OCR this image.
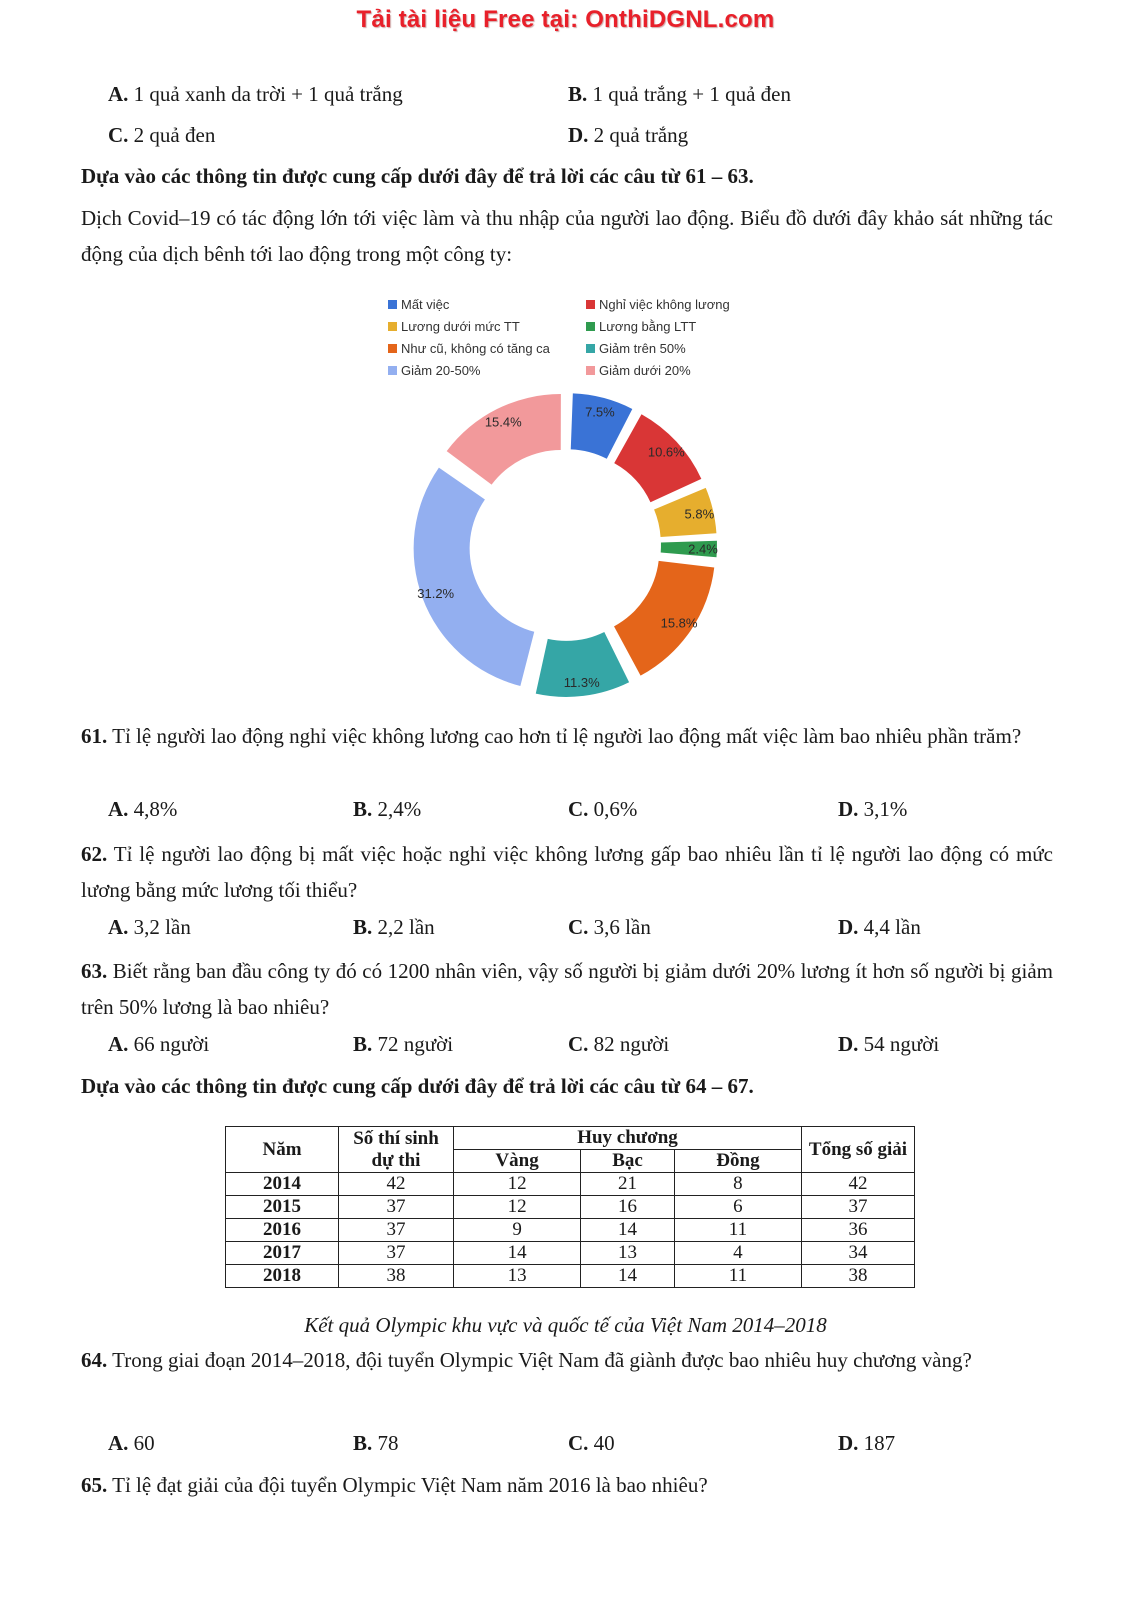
Tải tài liệu Free tại: OnthiDGNL.com
A. 1 quả xanh da trời + 1 quả trắng	B. 1 quả trắng + 1 quả đen
C. 2 quả đen	D. 2 quả trắng
Dựa vào các thông tin được cung cấp dưới đây để trả lời các câu từ 61 – 63.
Dịch Covid–19 có tác động lớn tới việc làm và thu nhập của người lao động. Biểu đồ dưới đây khảo sát những tác động của dịch bênh tới lao động trong một công ty:
Mất việc	Nghỉ việc không lương
Lương dưới mức TT	Lương bằng LTT
Như cũ, không có tăng ca	Giảm trên 50%
Giảm 20-50%	Giảm dưới 20%
7.5%
10.6%
5.8%
2.4%
15.8%
11.3%
31.2%
15.4%
61. Tỉ lệ người lao động nghỉ việc không lương cao hơn tỉ lệ người lao động mất việc làm bao nhiêu phần trăm?
A. 4,8%	B. 2,4%	C. 0,6%	D. 3,1%
62. Tỉ lệ người lao động bị mất việc hoặc nghỉ việc không lương gấp bao nhiêu lần tỉ lệ người lao động có mức lương bằng mức lương tối thiểu?
A. 3,2 lần	B. 2,2 lần	C. 3,6 lần	D. 4,4 lần
63. Biết rằng ban đầu công ty đó có 1200 nhân viên, vậy số người bị giảm dưới 20% lương ít hơn số người bị giảm trên 50% lương là bao nhiêu?
A. 66 người	B. 72 người	C. 82 người	D. 54 người
Dựa vào các thông tin được cung cấp dưới đây để trả lời các câu từ 64 – 67.
Năm	Số thí sinh dự thi	Huy chương			Tổng số giải
		Vàng	Bạc	Đồng	
2014	42	12	21	8	42
2015	37	12	16	6	37
2016	37	9	14	11	36
2017	37	14	13	4	34
2018	38	13	14	11	38
Kết quả Olympic khu vực và quốc tế của Việt Nam 2014–2018
64. Trong giai đoạn 2014–2018, đội tuyển Olympic Việt Nam đã giành được bao nhiêu huy chương vàng?
A. 60	B. 78	C. 40	D. 187
65. Tỉ lệ đạt giải của đội tuyển Olympic Việt Nam năm 2016 là bao nhiêu?
